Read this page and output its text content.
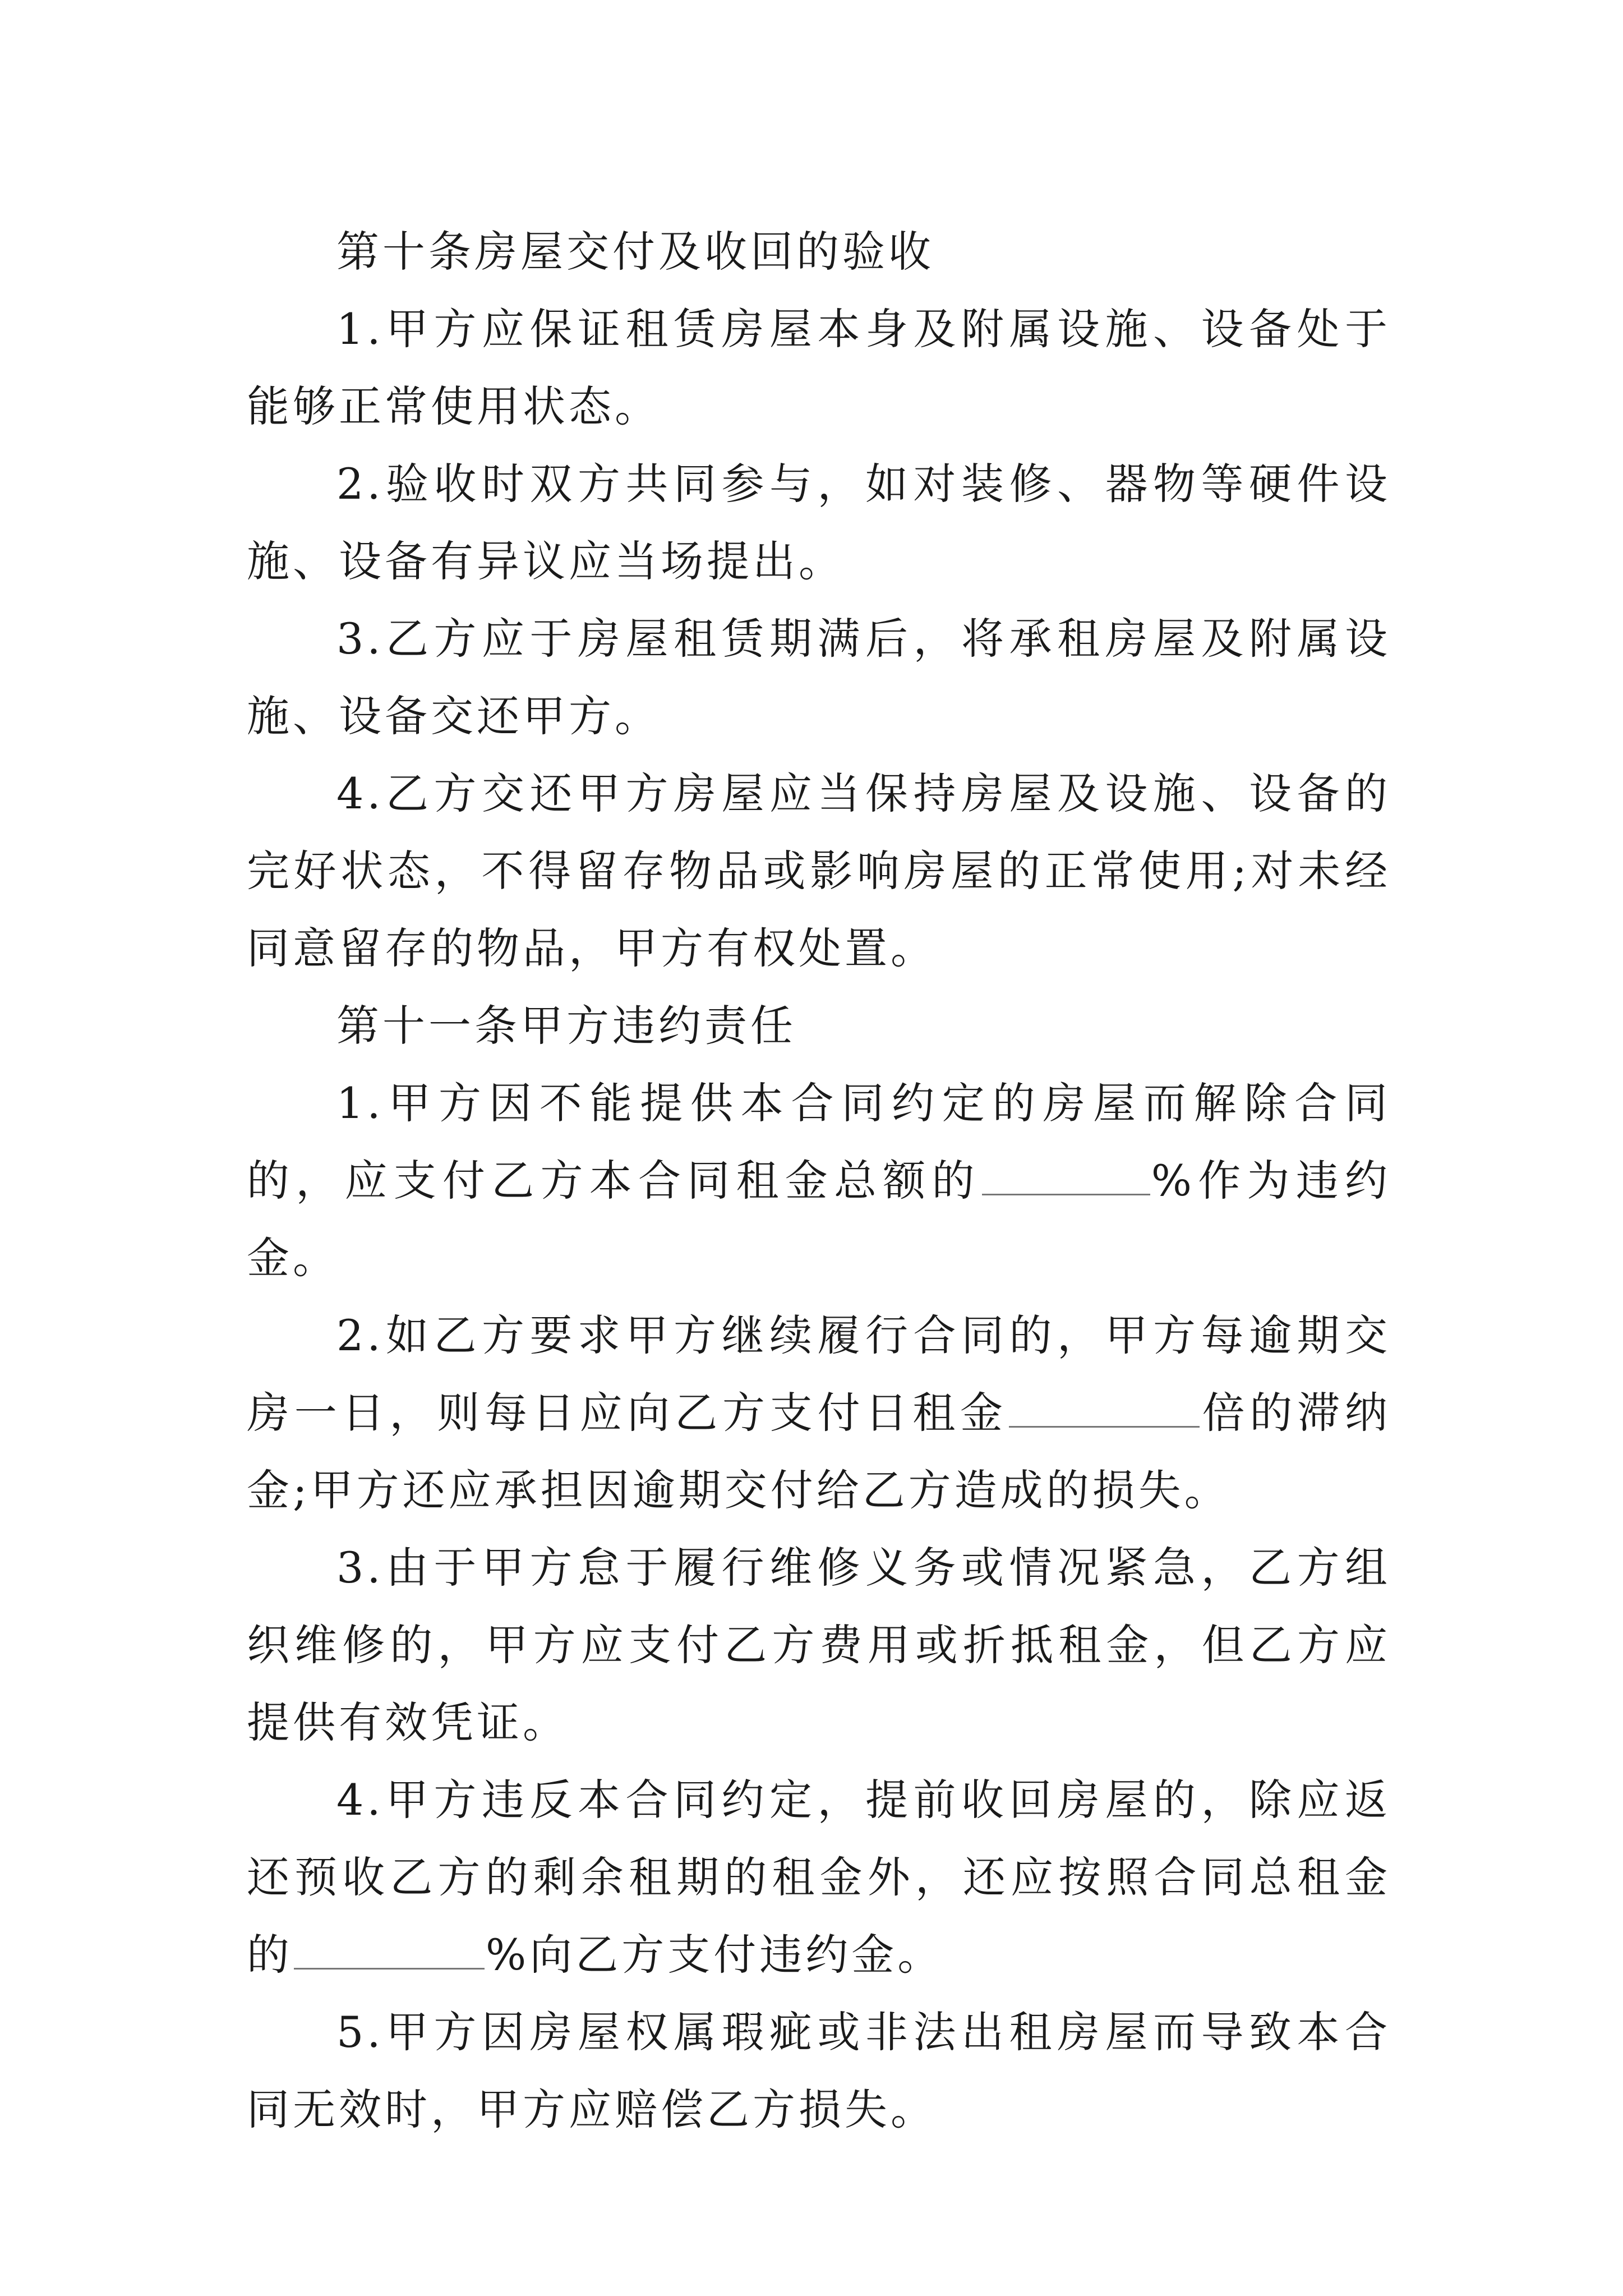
第十条房屋交付及收回的验收

1.甲方应保证租赁房屋本身及附属设施、设备处于能够正常使用状态。

2.验收时双方共同参与，如对装修、器物等硬件设施、设备有异议应当场提出。

3.乙方应于房屋租赁期满后，将承租房屋及附属设施、设备交还甲方。

4.乙方交还甲方房屋应当保持房屋及设施、设备的完好状态，不得留存物品或影响房屋的正常使用;对未经同意留存的物品，甲方有权处置。

第十一条甲方违约责任

1.甲方因不能提供本合同约定的房屋而解除合同的，应支付乙方本合同租金总额的	%作为违约金。

2.如乙方要求甲方继续履行合同的，甲方每逾期交房一日，则每日应向乙方支付日租金	倍的滞纳金;甲方还应承担因逾期交付给乙方造成的损失。

3.由于甲方怠于履行维修义务或情况紧急，乙方组织维修的，甲方应支付乙方费用或折抵租金，但乙方应提供有效凭证。

4.甲方违反本合同约定，提前收回房屋的，除应返还预收乙方的剩余租期的租金外，还应按照合同总租金的	%向乙方支付违约金。

5.甲方因房屋权属瑕疵或非法出租房屋而导致本合同无效时，甲方应赔偿乙方损失。
